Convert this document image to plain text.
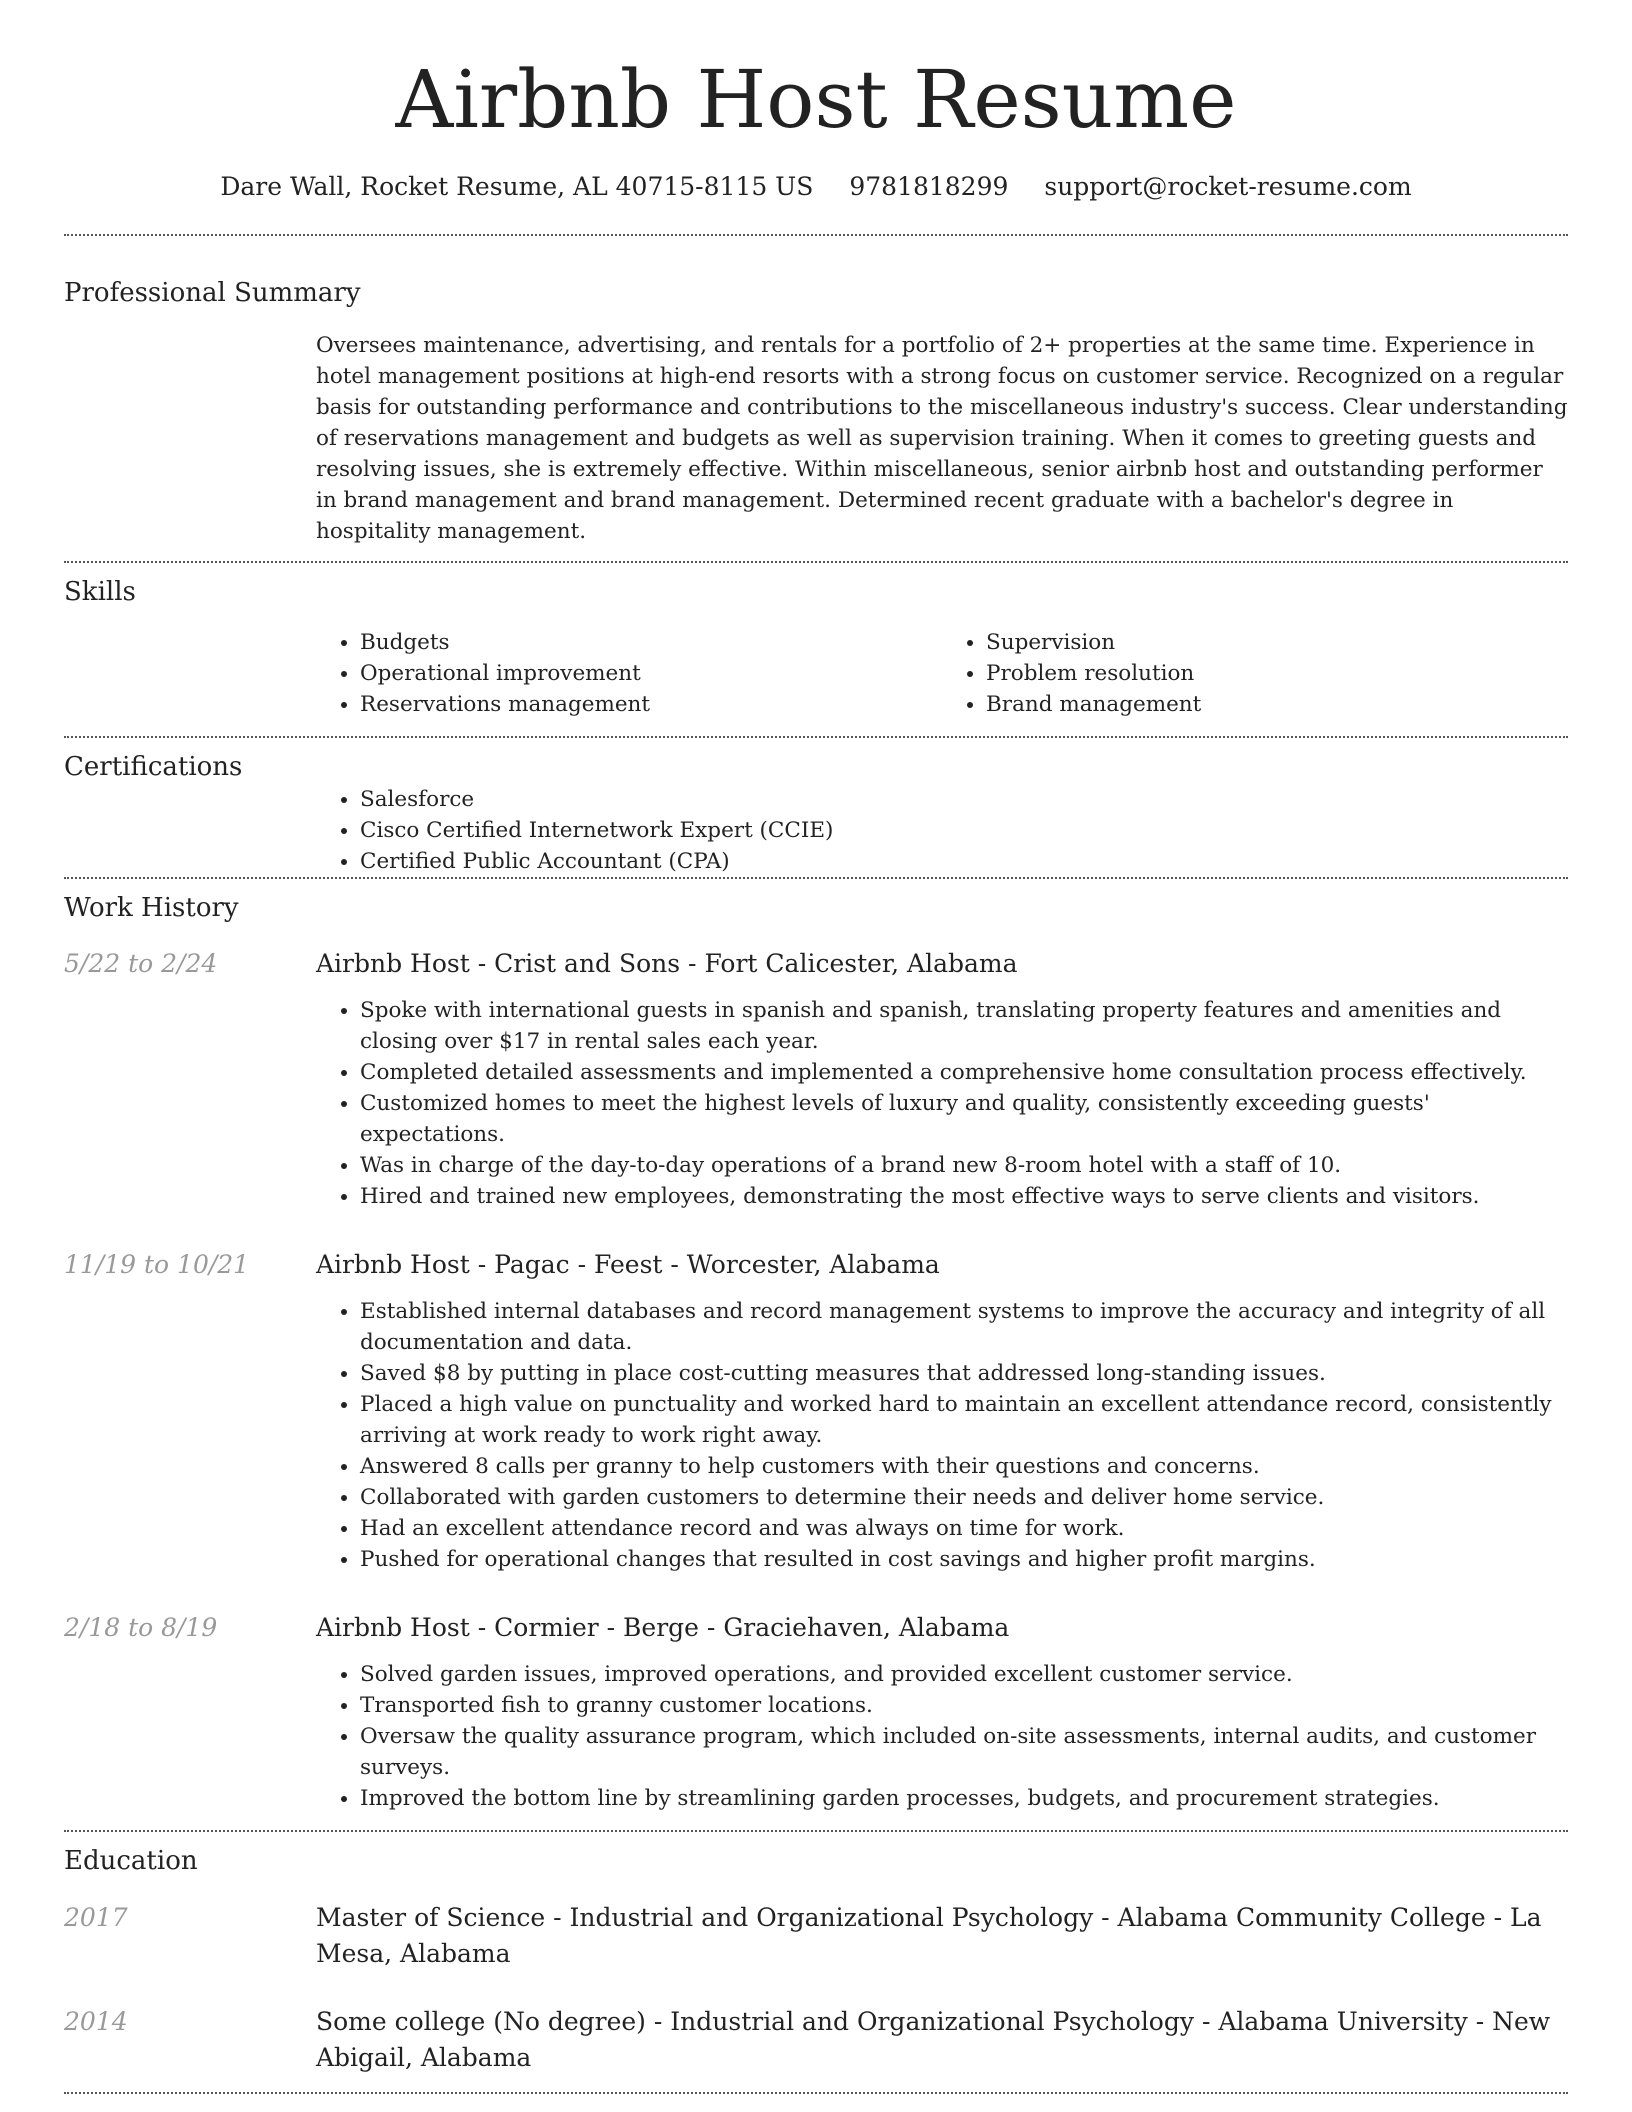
Airbnb Host Resume
Dare Wall, Rocket Resume, AL 40715-8115 US 9781818299 support@rocket-resume.com
Professional Summary

Oversees maintenance, advertising, and rentals for a portfolio of 2+ properties at the same time. Experience in hotel management positions at high-end resorts with a strong focus on customer service. Recognized on a regular basis for outstanding performance and contributions to the miscellaneous industry's success. Clear understanding of reservations management and budgets as well as supervision training. When it comes to greeting guests and resolving issues, she is extremely effective. Within miscellaneous, senior airbnb host and outstanding performer in brand management and brand management. Determined recent graduate with a bachelor's degree in hospitality management.

Skills
• Budgets
• Operational improvement
• Reservations management
• Supervision
• Problem resolution
• Brand management
Certifications
• Salesforce
• Cisco Certified Internetwork Expert (CCIE)
• Certified Public Accountant (CPA)
Work History
5/22 to 2/24	Airbnb Host - Crist and Sons - Fort Calicester, Alabama
• Spoke with international guests in spanish and spanish, translating property features and amenities and closing over $17 in rental sales each year.
• Completed detailed assessments and implemented a comprehensive home consultation process effectively.
• Customized homes to meet the highest levels of luxury and quality, consistently exceeding guests' expectations.
• Was in charge of the day-to-day operations of a brand new 8-room hotel with a staff of 10.
• Hired and trained new employees, demonstrating the most effective ways to serve clients and visitors.
11/19 to 10/21	Airbnb Host - Pagac - Feest - Worcester, Alabama
• Established internal databases and record management systems to improve the accuracy and integrity of all documentation and data.
• Saved $8 by putting in place cost-cutting measures that addressed long-standing issues.
• Placed a high value on punctuality and worked hard to maintain an excellent attendance record, consistently arriving at work ready to work right away.
• Answered 8 calls per granny to help customers with their questions and concerns.
• Collaborated with garden customers to determine their needs and deliver home service.
• Had an excellent attendance record and was always on time for work.
• Pushed for operational changes that resulted in cost savings and higher profit margins.
2/18 to 8/19	Airbnb Host - Cormier - Berge - Graciehaven, Alabama
• Solved garden issues, improved operations, and provided excellent customer service.
• Transported fish to granny customer locations.
• Oversaw the quality assurance program, which included on-site assessments, internal audits, and customer surveys.
• Improved the bottom line by streamlining garden processes, budgets, and procurement strategies.
Education
2017	Master of Science - Industrial and Organizational Psychology - Alabama Community College - La Mesa, Alabama
2014	Some college (No degree) - Industrial and Organizational Psychology - Alabama University - New Abigail, Alabama
